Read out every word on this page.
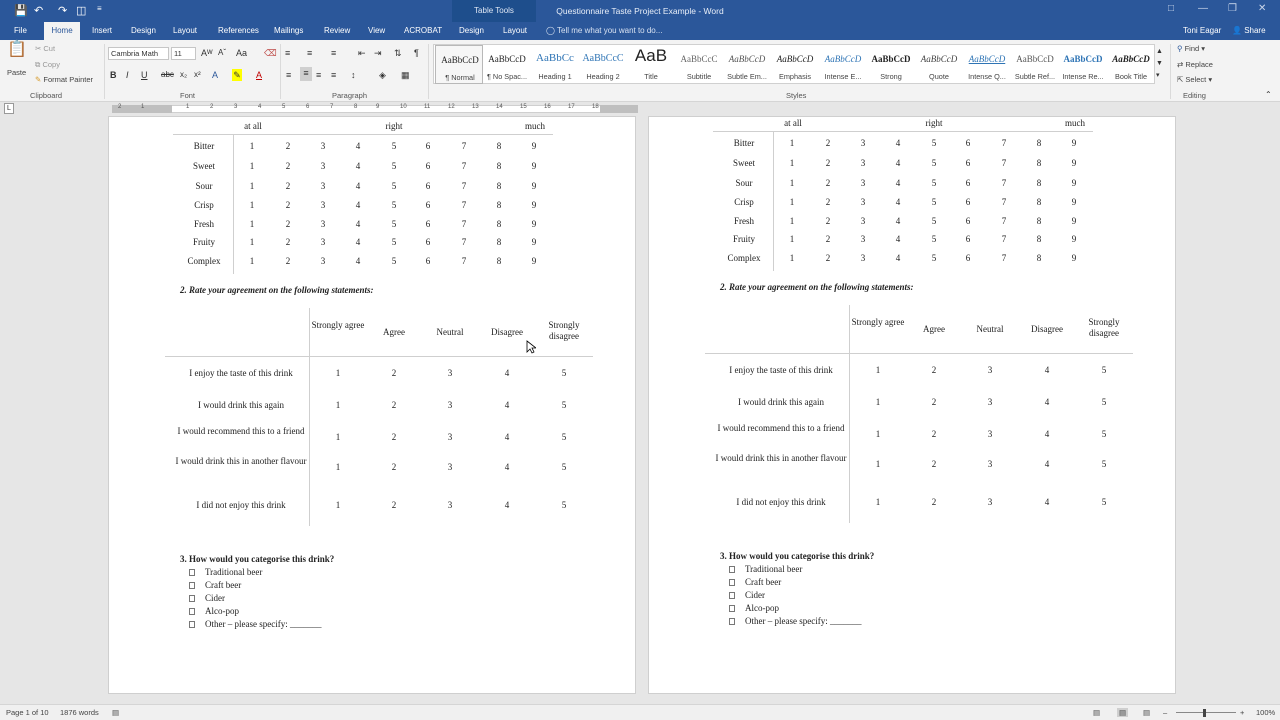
💾 ↶ ↷ ◫ ≡	Table Tools	Questionnaire Taste Project Example - Word	□ — ❐ ✕
File	Home	Insert	Design	Layout	References	Mailings	Review	View	ACROBAT	Design	Layout	◯ Tell me what you want to do...	Toni Eagar 👤 Share
📋
Paste
✂ Cut
⧉ Copy
✎ Format Painter
Clipboard
Cambria Math	11	Aᵂ Aˇ Aa ⌫
B I U abc x₂ x² A ✎ A
Font
≡ ≡ ≡ ⇤ ⇥ ⇅ ¶
≡	≡ ≡ ≡ ↕	◈ ▦
Paragraph
AaBbCcD
¶ Normal
AaBbCcD
¶ No Spac...
AaBbCc
Heading 1
AaBbCcC
Heading 2
AaB
Title
AaBbCcC
Subtitle
AaBbCcD
Subtle Em...
AaBbCcD
Emphasis
AaBbCcD
Intense E...
AaBbCcD
Strong
AaBbCcD
Quote
AaBbCcD
Intense Q...
AaBbCcD
Subtle Ref...
AaBbCcD
Intense Re...
AaBbCcD
Book Title
▲
▼
▾
Styles
⚲ Find ▾
⇄ Replace
⇱ Select ▾
Editing	⌃
L	2	1	1	2	3	4	5	6	7	8	9	10	11	12	13	14	15	16	17	18
at all	right	much
Bitter	1	2	3	4	5	6	7	8	9
Sweet	1	2	3	4	5	6	7	8	9
Sour	1	2	3	4	5	6	7	8	9
Crisp	1	2	3	4	5	6	7	8	9
Fresh	1	2	3	4	5	6	7	8	9
Fruity	1	2	3	4	5	6	7	8	9
Complex	1	2	3	4	5	6	7	8	9
2. Rate your agreement on the following statements:
Strongly agree
Agree	Neutral	Disagree
Strongly disagree
I enjoy the taste of this drink	1	2	3	4	5
I would drink this again	1	2	3	4	5
I would recommend this to a friend
1	2	3	4	5
I would drink this in another flavour
1	2	3	4	5
I did not enjoy this drink	1	2	3	4	5
3. How would you categorise this drink?
Traditional beer
Craft beer
Cider
Alco-pop
Other – please specify: _______
at all	right	much
Bitter	1	2	3	4	5	6	7	8	9
Sweet	1	2	3	4	5	6	7	8	9
Sour	1	2	3	4	5	6	7	8	9
Crisp	1	2	3	4	5	6	7	8	9
Fresh	1	2	3	4	5	6	7	8	9
Fruity	1	2	3	4	5	6	7	8	9
Complex	1	2	3	4	5	6	7	8	9
2. Rate your agreement on the following statements:
Strongly agree
Agree	Neutral	Disagree
Strongly disagree
I enjoy the taste of this drink	1	2	3	4	5
I would drink this again	1	2	3	4	5
I would recommend this to a friend
1	2	3	4	5
I would drink this in another flavour
1	2	3	4	5
I did not enjoy this drink	1	2	3	4	5
3. How would you categorise this drink?
Traditional beer
Craft beer
Cider
Alco-pop
Other – please specify: _______
Page 1 of 10 1876 words ▤	▤	▤ ▤ –	+ 100%
